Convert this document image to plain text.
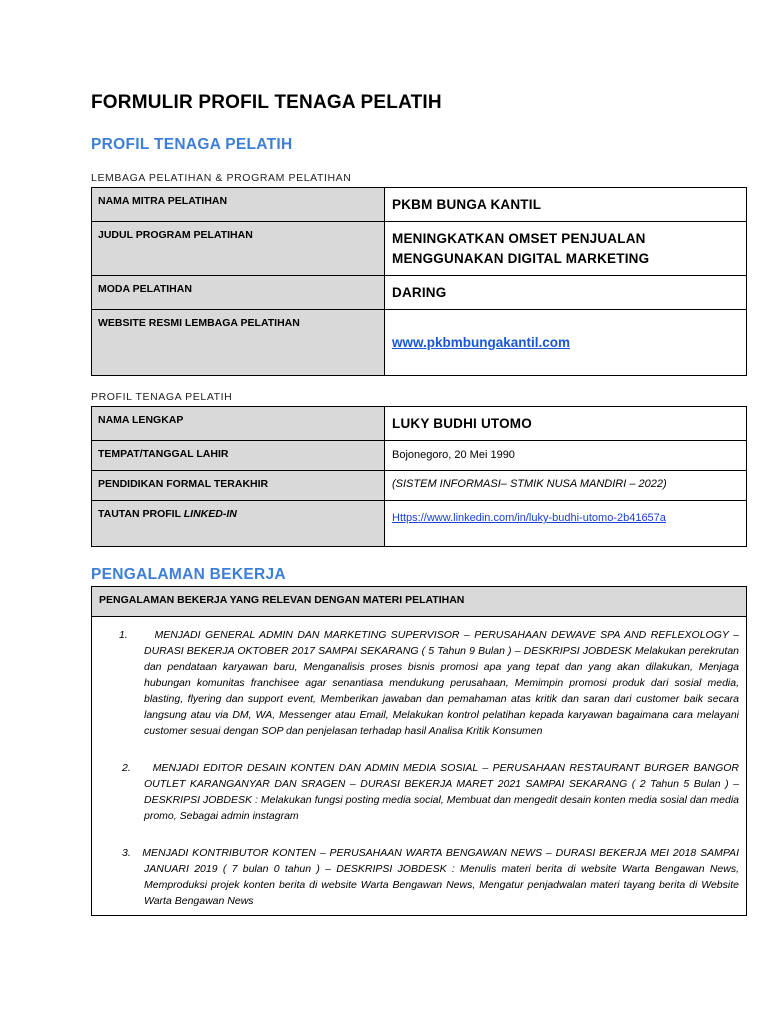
FORMULIR PROFIL TENAGA PELATIH
PROFIL TENAGA PELATIH
LEMBAGA PELATIHAN & PROGRAM PELATIHAN
NAMA MITRA PELATIHAN	PKBM BUNGA KANTIL

JUDUL PROGRAM PELATIHAN	MENINGKATKAN OMSET PENJUALAN MENGGUNAKAN DIGITAL MARKETING

MODA PELATIHAN	DARING

WEBSITE RESMI LEMBAGA PELATIHAN	www.pkbmbungakantil.com
PROFIL TENAGA PELATIH
NAMA LENGKAP	LUKY BUDHI UTOMO

TEMPAT/TANGGAL LAHIR	Bojonegoro, 20 Mei 1990

PENDIDIKAN FORMAL TERAKHIR	(SISTEM INFORMASI– STMIK NUSA MANDIRI – 2022)

TAUTAN PROFIL LINKED-IN	Https://www.linkedin.com/in/luky-budhi-utomo-2b41657a
PENGALAMAN BEKERJA
PENGALAMAN BEKERJA YANG RELEVAN DENGAN MATERI PELATIHAN
1.	MENJADI GENERAL ADMIN DAN MARKETING SUPERVISOR – PERUSAHAAN DEWAVE SPA AND REFLEXOLOGY – DURASI BEKERJA OKTOBER 2017 SAMPAI SEKARANG ( 5 Tahun 9 Bulan ) – DESKRIPSI JOBDESK Melakukan perekrutan dan pendataan karyawan baru, Menganalisis proses bisnis promosi apa yang tepat dan yang akan dilakukan, Menjaga hubungan komunitas franchisee agar senantiasa mendukung perusahaan, Memimpin promosi produk dari sosial media, blasting, flyering dan support event, Memberikan jawaban dan pemahaman atas kritik dan saran dari customer baik secara langsung atau via DM, WA, Messenger atau Email, Melakukan kontrol pelatihan kepada karyawan bagaimana cara melayani customer sesuai dengan SOP dan penjelasan terhadap hasil Analisa Kritik Konsumen
2. MENJADI EDITOR DESAIN KONTEN DAN ADMIN MEDIA SOSIAL – PERUSAHAAN RESTAURANT BURGER BANGOR OUTLET KARANGANYAR DAN SRAGEN – DURASI BEKERJA MARET 2021 SAMPAI SEKARANG ( 2 Tahun 5 Bulan ) – DESKRIPSI JOBDESK : Melakukan fungsi posting media social, Membuat dan mengedit desain konten media sosial dan media promo, Sebagai admin instagram
3. MENJADI KONTRIBUTOR KONTEN – PERUSAHAAN WARTA BENGAWAN NEWS – DURASI BEKERJA MEI 2018 SAMPAI JANUARI 2019 ( 7 bulan 0 tahun ) – DESKRIPSI JOBDESK : Menulis materi berita di website Warta Bengawan News, Memproduksi projek konten berita di website Warta Bengawan News, Mengatur penjadwalan materi tayang berita di Website Warta Bengawan News
